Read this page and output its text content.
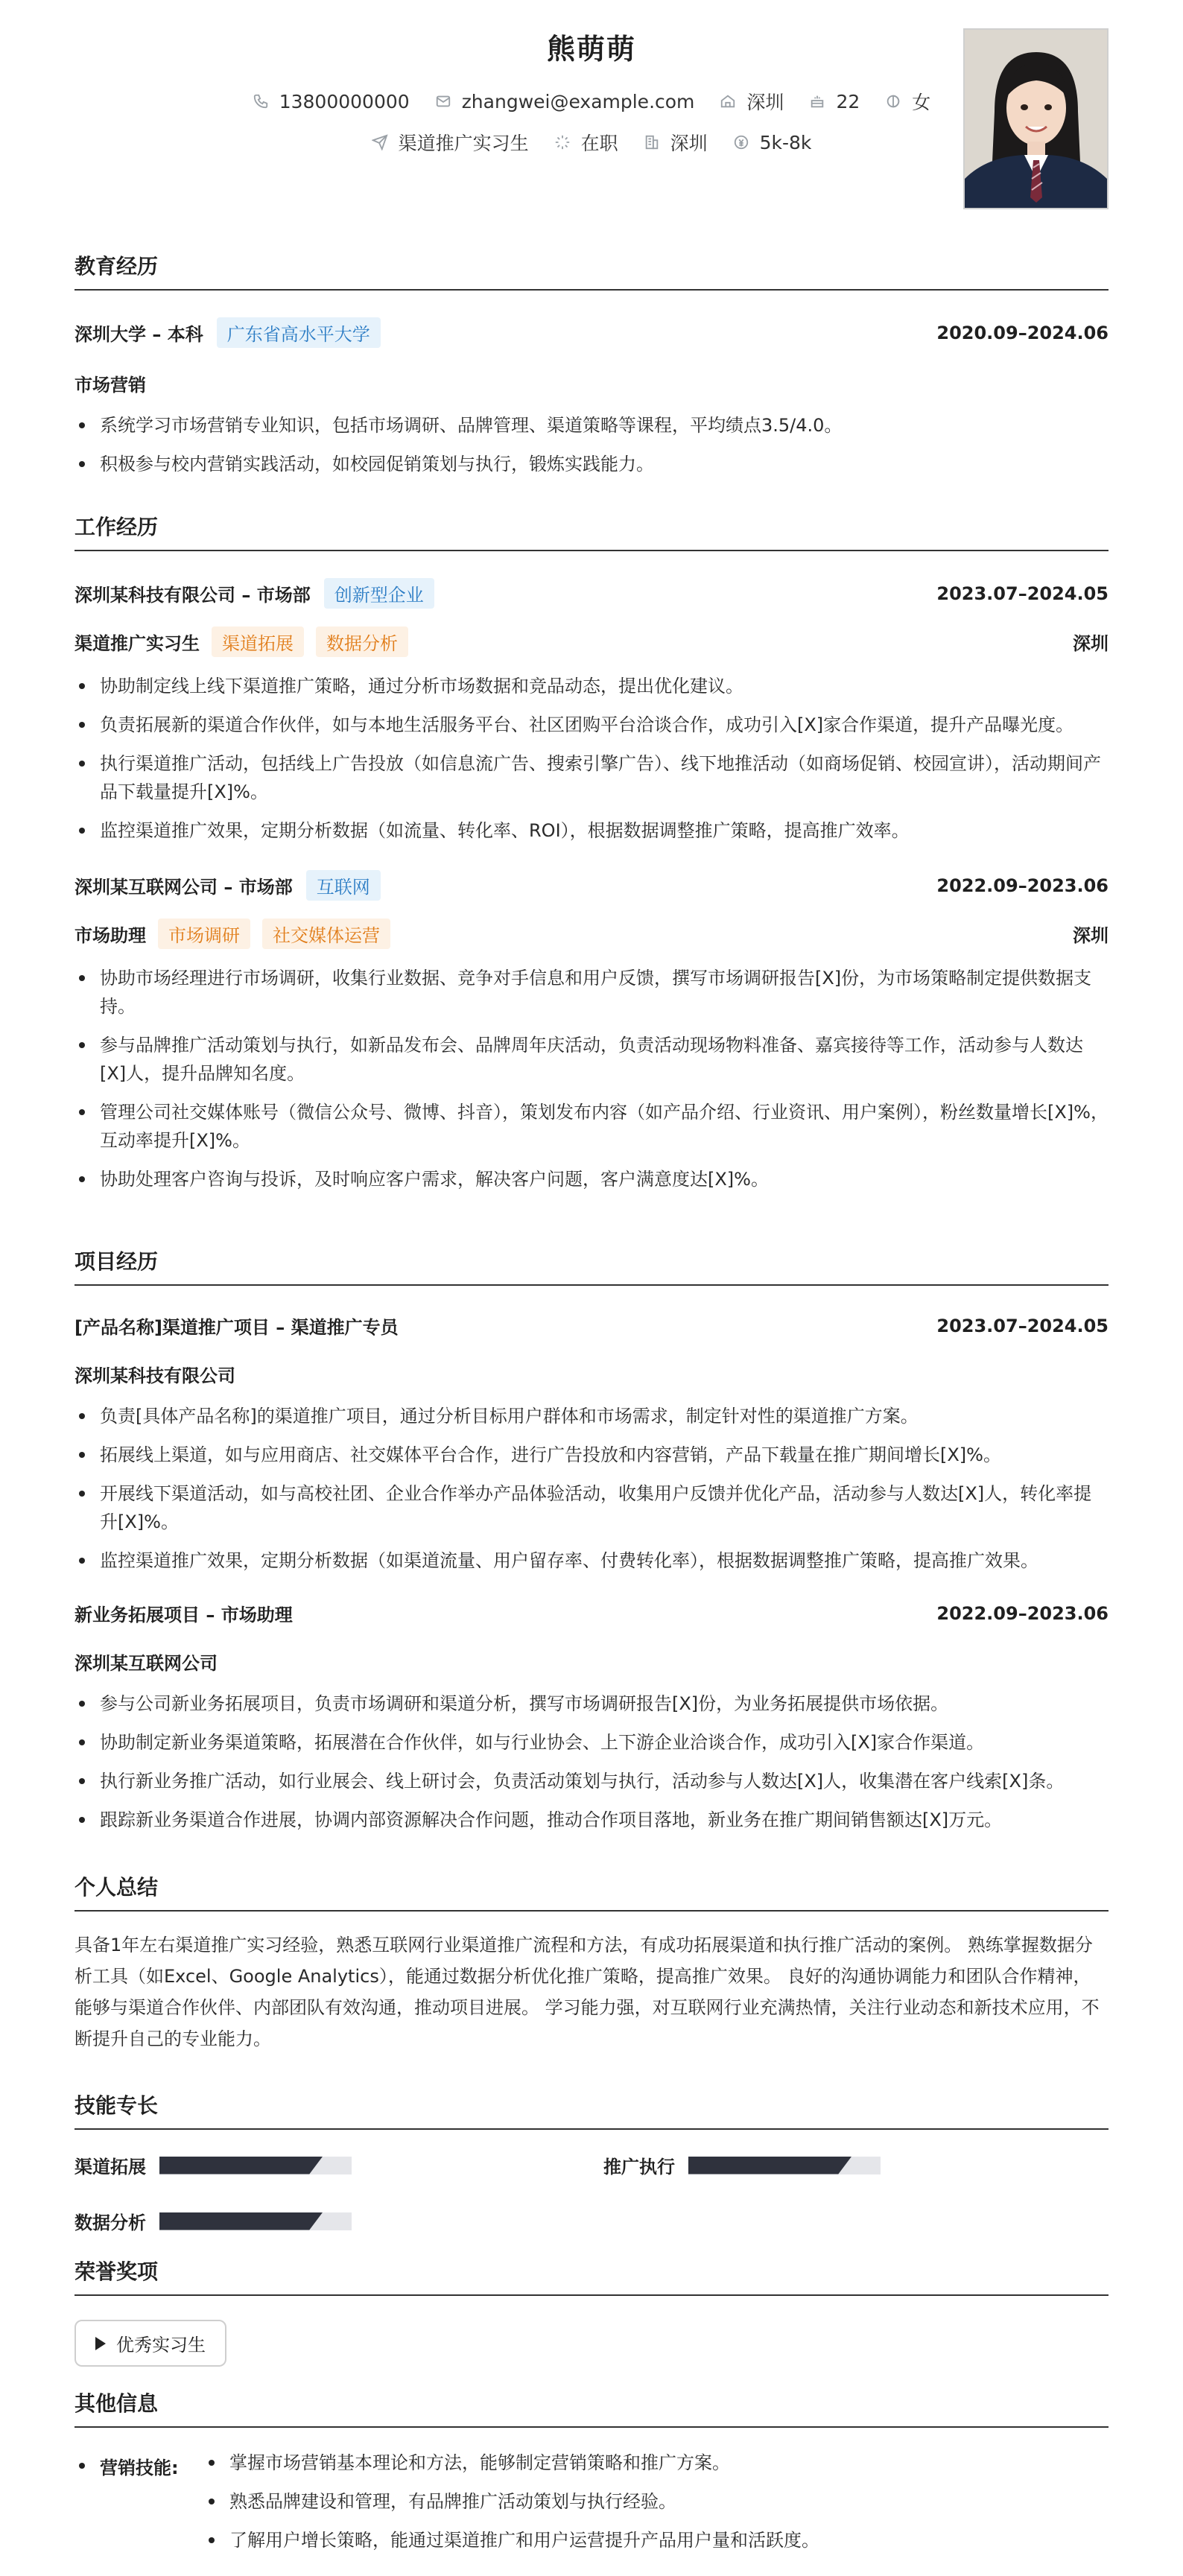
熊萌萌
13800000000	zhangwei@example.com	深圳	22	女
渠道推广实习生	在职	深圳	5k-8k
教育经历
深圳大学 – 本科	广东省高水平大学	2020.09–2024.06
市场营销
系统学习市场营销专业知识，包括市场调研、品牌管理、渠道策略等课程，平均绩点3.5/4.0。
积极参与校内营销实践活动，如校园促销策划与执行，锻炼实践能力。
工作经历
深圳某科技有限公司 – 市场部	创新型企业	2023.07–2024.05
渠道推广实习生	渠道拓展	数据分析	深圳
协助制定线上线下渠道推广策略，通过分析市场数据和竞品动态，提出优化建议。
负责拓展新的渠道合作伙伴，如与本地生活服务平台、社区团购平台洽谈合作，成功引入[X]家合作渠道，提升产品曝光度。
执行渠道推广活动，包括线上广告投放（如信息流广告、搜索引擎广告）、线下地推活动（如商场促销、校园宣讲），活动期间产品下载量提升[X]%。
监控渠道推广效果，定期分析数据（如流量、转化率、ROI），根据数据调整推广策略，提高推广效率。
深圳某互联网公司 – 市场部	互联网	2022.09–2023.06
市场助理	市场调研	社交媒体运营	深圳
协助市场经理进行市场调研，收集行业数据、竞争对手信息和用户反馈，撰写市场调研报告[X]份，为市场策略制定提供数据支持。
参与品牌推广活动策划与执行，如新品发布会、品牌周年庆活动，负责活动现场物料准备、嘉宾接待等工作，活动参与人数达[X]人，提升品牌知名度。
管理公司社交媒体账号（微信公众号、微博、抖音），策划发布内容（如产品介绍、行业资讯、用户案例），粉丝数量增长[X]%，互动率提升[X]%。
协助处理客户咨询与投诉，及时响应客户需求，解决客户问题，客户满意度达[X]%。
项目经历
[产品名称]渠道推广项目 – 渠道推广专员	2023.07–2024.05
深圳某科技有限公司
负责[具体产品名称]的渠道推广项目，通过分析目标用户群体和市场需求，制定针对性的渠道推广方案。
拓展线上渠道，如与应用商店、社交媒体平台合作，进行广告投放和内容营销，产品下载量在推广期间增长[X]%。
开展线下渠道活动，如与高校社团、企业合作举办产品体验活动，收集用户反馈并优化产品，活动参与人数达[X]人，转化率提升[X]%。
监控渠道推广效果，定期分析数据（如渠道流量、用户留存率、付费转化率），根据数据调整推广策略，提高推广效果。
新业务拓展项目 – 市场助理	2022.09–2023.06
深圳某互联网公司
参与公司新业务拓展项目，负责市场调研和渠道分析，撰写市场调研报告[X]份，为业务拓展提供市场依据。
协助制定新业务渠道策略，拓展潜在合作伙伴，如与行业协会、上下游企业洽谈合作，成功引入[X]家合作渠道。
执行新业务推广活动，如行业展会、线上研讨会，负责活动策划与执行，活动参与人数达[X]人，收集潜在客户线索[X]条。
跟踪新业务渠道合作进展，协调内部资源解决合作问题，推动合作项目落地，新业务在推广期间销售额达[X]万元。
个人总结
具备1年左右渠道推广实习经验，熟悉互联网行业渠道推广流程和方法，有成功拓展渠道和执行推广活动的案例。 熟练掌握数据分析工具（如Excel、Google Analytics），能通过数据分析优化推广策略，提高推广效果。 良好的沟通协调能力和团队合作精神，能够与渠道合作伙伴、内部团队有效沟通，推动项目进展。 学习能力强，对互联网行业充满热情，关注行业动态和新技术应用，不断提升自己的专业能力。
技能专长
渠道拓展	推广执行
数据分析
荣誉奖项
优秀实习生
其他信息
营销技能:	掌握市场营销基本理论和方法，能够制定营销策略和推广方案。
熟悉品牌建设和管理，有品牌推广活动策划与执行经验。
了解用户增长策略，能通过渠道推广和用户运营提升产品用户量和活跃度。
